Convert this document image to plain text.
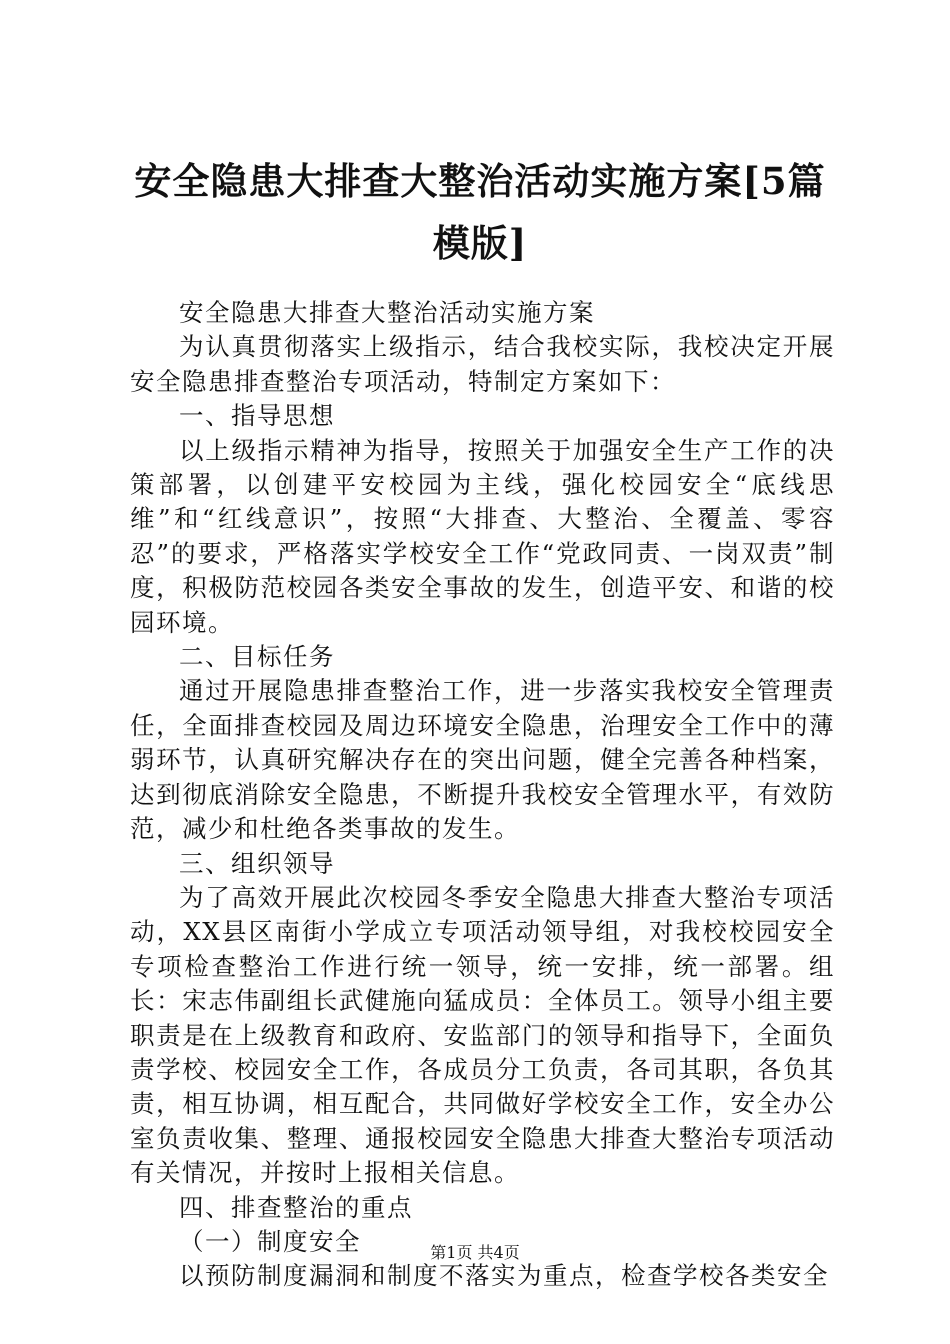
安全隐患大排查大整治活动实施方案[5篇模版]

安全隐患大排查大整治活动实施方案

为认真贯彻落实上级指示，结合我校实际，我校决定开展安全隐患排查整治专项活动，特制定方案如下：

一、指导思想

以上级指示精神为指导，按照关于加强安全生产工作的决策部署，以创建平安校园为主线，强化校园安全“底线思维”和“红线意识”，按照“大排查、大整治、全覆盖、零容忍”的要求，严格落实学校安全工作“党政同责、一岗双责”制度，积极防范校园各类安全事故的发生，创造平安、和谐的校园环境。

二、目标任务

通过开展隐患排查整治工作，进一步落实我校安全管理责任，全面排查校园及周边环境安全隐患，治理安全工作中的薄弱环节，认真研究解决存在的突出问题，健全完善各种档案，达到彻底消除安全隐患，不断提升我校安全管理水平，有效防范，减少和杜绝各类事故的发生。

三、组织领导

为了高效开展此次校园冬季安全隐患大排查大整治专项活动，XX县区南街小学成立专项活动领导组，对我校校园安全专项检查整治工作进行统一领导，统一安排，统一部署。组长：宋志伟副组长武健施向猛成员：全体员工。领导小组主要职责是在上级教育和政府、安监部门的领导和指导下，全面负责学校、校园安全工作，各成员分工负责，各司其职，各负其责，相互协调，相互配合，共同做好学校安全工作，安全办公室负责收集、整理、通报校园安全隐患大排查大整治专项活动有关情况，并按时上报相关信息。

四、排查整治的重点

（一）制度安全

以预防制度漏洞和制度不落实为重点，检查学校各类安全

第1页 共4页
